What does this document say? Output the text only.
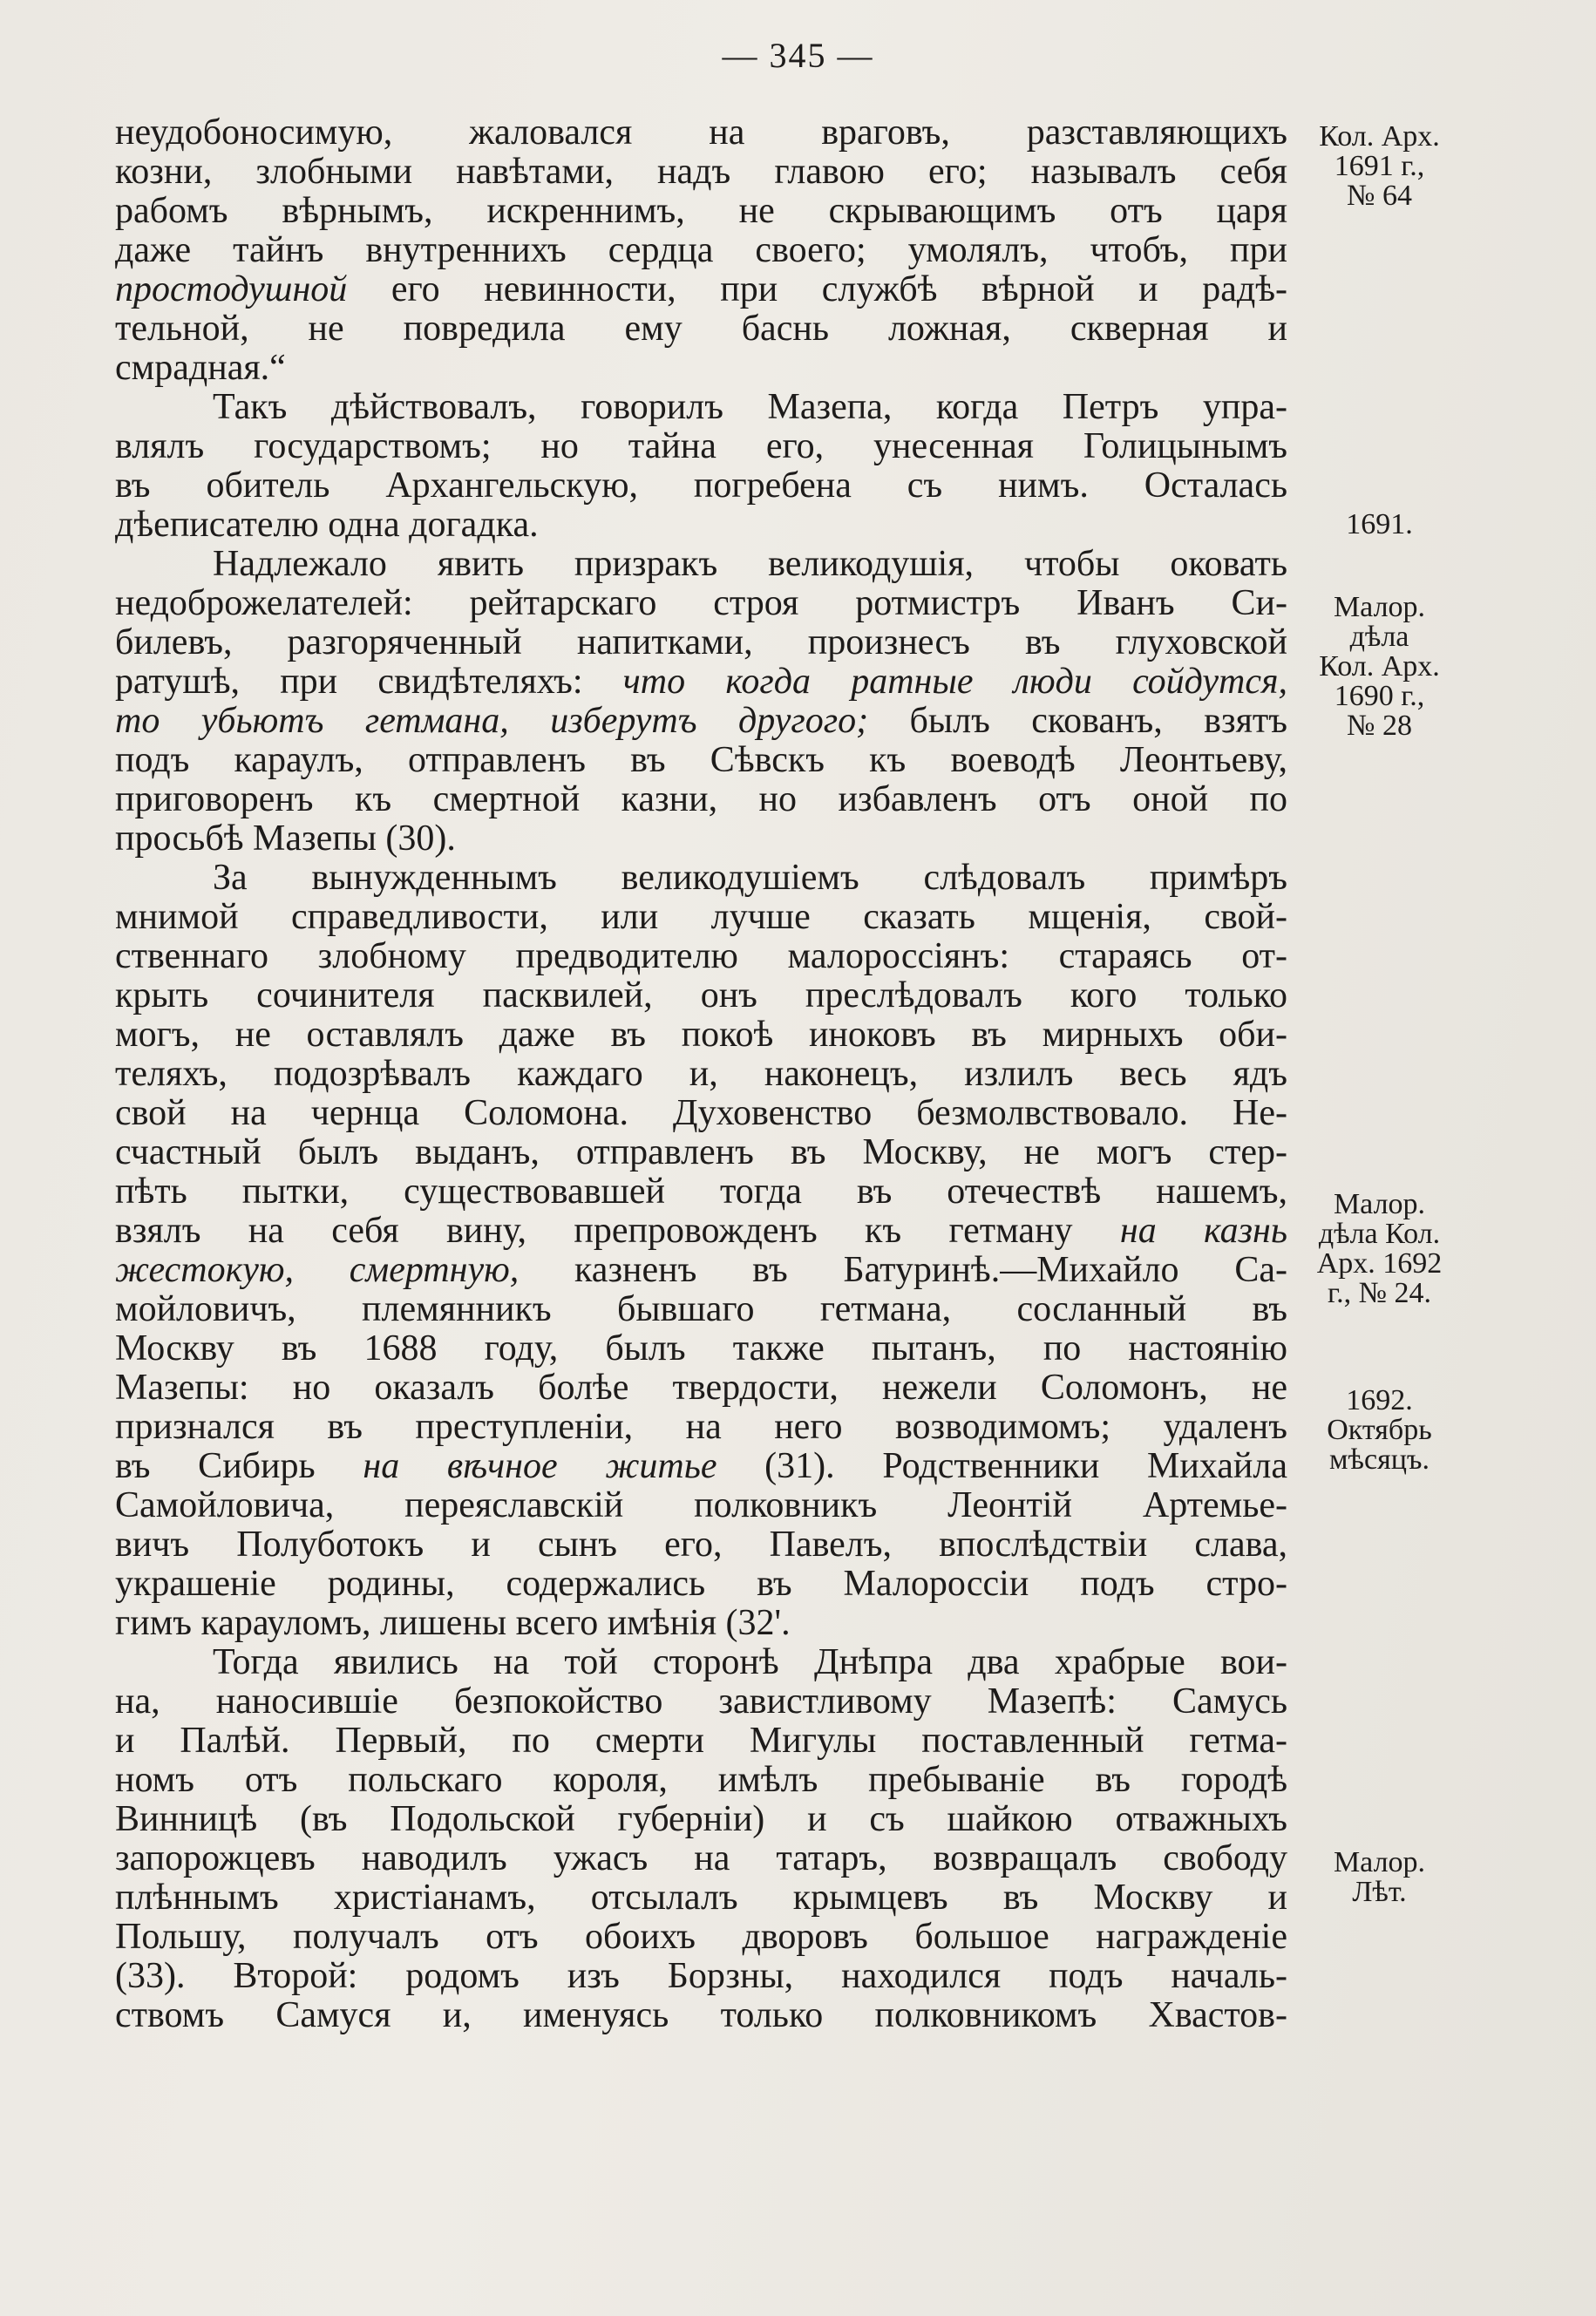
— 345 —
неудобоносимую, жаловался на враговъ, разставляющихъ
козни, злобными навѣтами, надъ главою его; называлъ себя
рабомъ вѣрнымъ, искреннимъ, не скрывающимъ отъ царя
даже тайнъ внутреннихъ сердца своего; умолялъ, чтобъ, при
простодушной его невинности, при службѣ вѣрной и радѣ-
тельной, не повредила ему баснь ложная, скверная и
смрадная.“
Такъ дѣйствовалъ, говорилъ Мазепа, когда Петръ упра-
влялъ государствомъ; но тайна его, унесенная Голицынымъ
въ обитель Архангельскую, погребена съ нимъ. Осталась
дѣеписателю одна догадка.
Надлежало явить призракъ великодушія, чтобы оковать
недоброжелателей: рейтарскаго строя ротмистръ Иванъ Си-
билевъ, разгоряченный напитками, произнесъ въ глуховской
ратушѣ, при свидѣтеляхъ: что когда ратные люди сойдутся,
то убьютъ гетмана, изберутъ другого; былъ скованъ, взятъ
подъ караулъ, отправленъ въ Сѣвскъ къ воеводѣ Леонтьеву,
приговоренъ къ смертной казни, но избавленъ отъ оной по
просьбѣ Мазепы (30).
За вынужденнымъ великодушіемъ слѣдовалъ примѣръ
мнимой справедливости, или лучше сказать мщенія, свой-
ственнаго злобному предводителю малороссіянъ: стараясь от-
крыть сочинителя пасквилей, онъ преслѣдовалъ кого только
могъ, не оставлялъ даже въ покоѣ иноковъ въ мирныхъ оби-
теляхъ, подозрѣвалъ каждаго и, наконецъ, излилъ весь ядъ
свой на чернца Соломона. Духовенство безмолвствовало. Не-
счастный былъ выданъ, отправленъ въ Москву, не могъ стер-
пѣть пытки, существовавшей тогда въ отечествѣ нашемъ,
взялъ на себя вину, препровожденъ къ гетману на казнь
жестокую, смертную, казненъ въ Батуринѣ.—Михайло Са-
мойловичъ, племянникъ бывшаго гетмана, сосланный въ
Москву въ 1688 году, былъ также пытанъ, по настоянію
Мазепы: но оказалъ болѣе твердости, нежели Соломонъ, не
признался въ преступленіи, на него возводимомъ; удаленъ
въ Сибирь на вѣчное житье (31). Родственники Михайла
Самойловича, переяславскій полковникъ Леонтій Артемье-
вичъ Полуботокъ и сынъ его, Павелъ, впослѣдствіи слава,
украшеніе родины, содержались въ Малороссіи подъ стро-
гимъ карауломъ, лишены всего имѣнія (32'.
Тогда явились на той сторонѣ Днѣпра два храбрые вои-
на, наносившіе безпокойство завистливому Мазепѣ: Самусь
и Палѣй. Первый, по смерти Мигулы поставленный гетма-
номъ отъ польскаго короля, имѣлъ пребываніе въ городѣ
Винницѣ (въ Подольской губерніи) и съ шайкою отважныхъ
запорожцевъ наводилъ ужасъ на татаръ, возвращалъ свободу
плѣннымъ христіанамъ, отсылалъ крымцевъ въ Москву и
Польшу, получалъ отъ обоихъ дворовъ большое награжденіе
(33). Второй: родомъ изъ Борзны, находился подъ началь-
ствомъ Самуся и, именуясь только полковникомъ Хвастов-
Кол. Арх.
1691 г.,
№ 64
1691.
Малор.
дѣла
Кол. Арх.
1690 г.,
№ 28
Малор.
дѣла Кол.
Арх. 1692
г., № 24.
1692.
Октябрь
мѣсяцъ.
Малор.
Лѣт.
